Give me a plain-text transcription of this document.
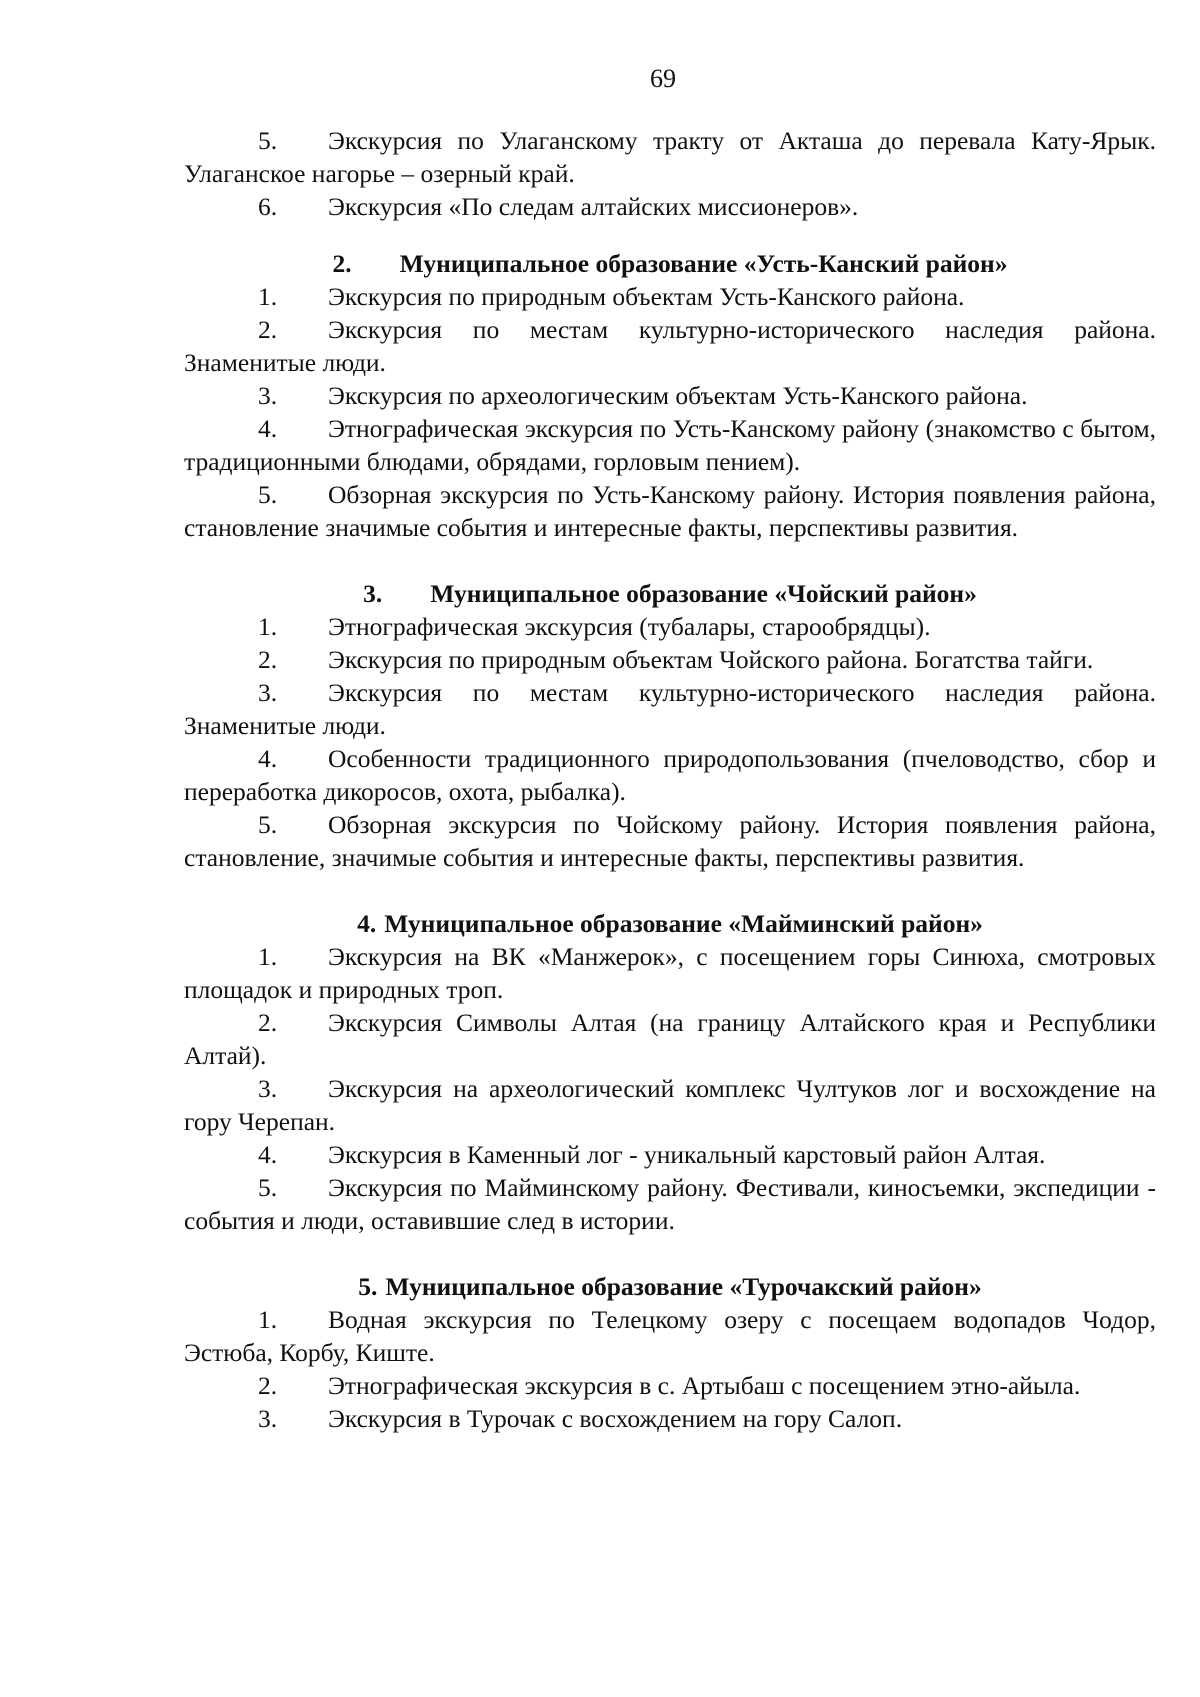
69

5. Экскурсия по Улаганскому тракту от Акташа до перевала Кату-Ярык. Улаганское нагорье – озерный край.

6. Экскурсия «По следам алтайских миссионеров».

2. Муниципальное образование «Усть-Канский район»

1. Экскурсия по природным объектам Усть-Канского района.

2. Экскурсия по местам культурно-исторического наследия района. Знаменитые люди.

3. Экскурсия по археологическим объектам Усть-Канского района.

4. Этнографическая экскурсия по Усть-Канскому району (знакомство с бытом, традиционными блюдами, обрядами, горловым пением).

5. Обзорная экскурсия по Усть-Канскому району. История появления района, становление значимые события и интересные факты, перспективы развития.

3. Муниципальное образование «Чойский район»

1. Этнографическая экскурсия (тубалары, старообрядцы).

2. Экскурсия по природным объектам Чойского района. Богатства тайги.

3. Экскурсия по местам культурно-исторического наследия района. Знаменитые люди.

4. Особенности традиционного природопользования (пчеловодство, сбор и переработка дикоросов, охота, рыбалка).

5. Обзорная экскурсия по Чойскому району. История появления района, становление, значимые события и интересные факты, перспективы развития.

4. Муниципальное образование «Майминский район»

1. Экскурсия на ВК «Манжерок», с посещением горы Синюха, смотровых площадок и природных троп.

2. Экскурсия Символы Алтая (на границу Алтайского края и Республики Алтай).

3. Экскурсия на археологический комплекс Чултуков лог и восхождение на гору Черепан.

4. Экскурсия в Каменный лог - уникальный карстовый район Алтая.

5. Экскурсия по Майминскому району. Фестивали, киносъемки, экспедиции - события и люди, оставившие след в истории.

5. Муниципальное образование «Турочакский район»

1. Водная экскурсия по Телецкому озеру с посещаем водопадов Чодор, Эстюба, Корбу, Киште.

2. Этнографическая экскурсия в с. Артыбаш с посещением этно-айыла.

3. Экскурсия в Турочак с восхождением на гору Салоп.
